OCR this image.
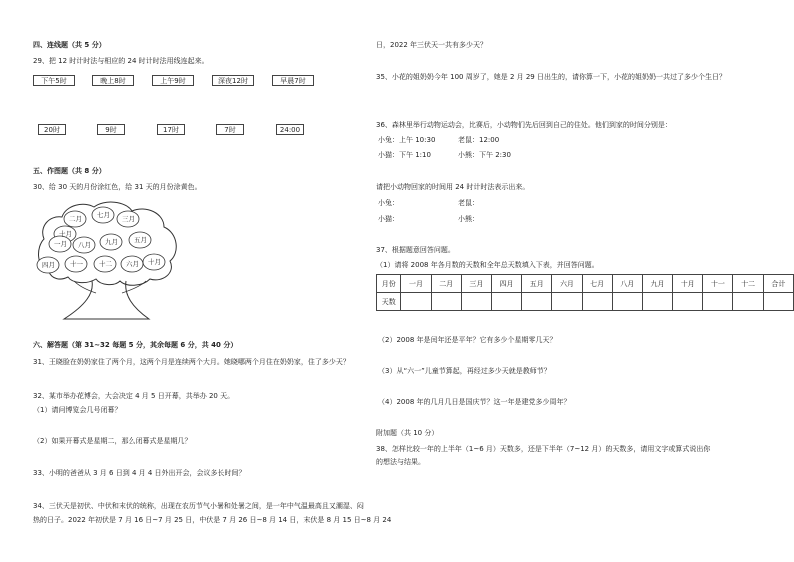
四、连线题（共 5 分）
29、把 12 时计时法与相应的 24 时计时法用线连起来。
下午5时	晚上8时	上午9时	深夜12时	早晨7时
20时	9时	17时	7时	24:00
五、作图题（共 8 分）
30、给 30 天的月份涂红色，给 31 天的月份涂黄色。
二月 七月 三月
十月
一月 八月 九月 五月
四月 十一 十二 六月 十月
六、解答题（第 31~32 每题 5 分，其余每题 6 分，共 40 分）
31、王晓脸在奶奶家住了两个月，这两个月是连续两个大月。她晓哪两个月住在奶奶家，住了多少天？
32、某市举办花博会，大会决定 4 月 5 日开幕，共举办 20 天。
（1）请问博览会几号闭幕？
（2）如果开幕式是星期二，那么闭幕式是星期几？
33、小明的爸爸从 3 月 6 日到 4 月 4 日外出开会，会议多长时间？
34、三伏天是初伏、中伏和末伏的统称，出现在农历节气小暑和处暑之间，是一年中气温最高且又潮湿、闷
热的日子。2022 年初伏是 7 月 16 日~7 月 25 日，中伏是 7 月 26 日~8 月 14 日，末伏是 8 月 15 日~8 月 24
日，2022 年三伏天一共有多少天？
35、小花的姐奶奶今年 100 周岁了，她是 2 月 29 日出生的，请你算一下，小花的姐奶奶一共过了多少个生日？
36、森林里举行动物运动会，比赛后，小动物们先后回到自己的住处。他们到家的时间分别是：
小兔：上午 10:30	老鼠：12:00
小猫：下午 1:10	小熊：下午 2:30
请把小动物回家的时间用 24 时计时法表示出来。
小兔：	老鼠：
小猫：	小熊：
37、根据题意回答问题。
（1）请将 2008 年各月数的天数和全年总天数填入下表，并回答问题。
月份	一月	二月	三月	四月	五月	六月	七月	八月	九月	十月	十一	十二	合计
天数													
（2）2008 年是闰年还是平年？它有多少个星期零几天？
（3）从“六一”儿童节算起，再经过多少天就是教师节？
（4）2008 年的几月几日是国庆节？这一年是建党多少周年？
附加题（共 10 分）
38、怎样比较一年的上半年（1~6 月）天数多，还是下半年（7~12 月）的天数多，请用文字或算式说出你
的想法与结果。
